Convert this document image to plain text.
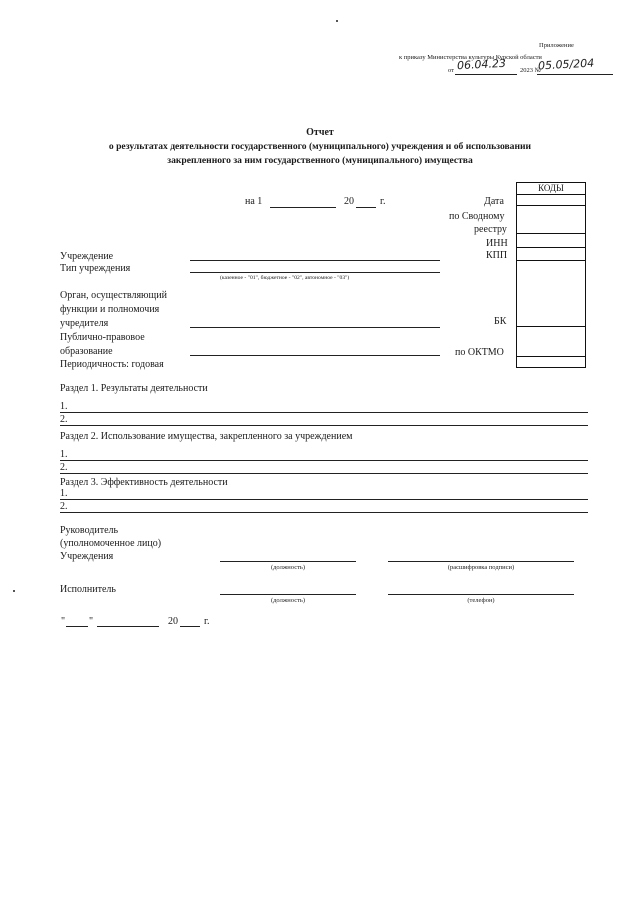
Приложение
к приказу Министерства культуры Курской области
от 06.04.23 2023 №
05.05/204
Отчет
о результатах деятельности государственного (муниципального) учреждения и об использовании
закрепленного за ним государственного (муниципального) имущества
на 1	20	г.	Дата
по Сводному
реестру
ИНН
КПП
БК
по ОКТМО
КОДЫ
Учреждение
Тип учреждения
(казенное - "01", бюджетное - "02", автономное - "03")
Орган, осуществляющий
функции и полномочия
учредителя
Публично-правовое
образование
Периодичность: годовая
Раздел 1. Результаты деятельности
1.
2.
Раздел 2. Использование имущества, закрепленного за учреждением
1.
2.
Раздел 3. Эффективность деятельности
1.
2.
Руководитель
(уполномоченное лицо)
Учреждения
(должность)	(расшифровка подписи)
Исполнитель
(должность)	(телефон)
" "	20	г.
